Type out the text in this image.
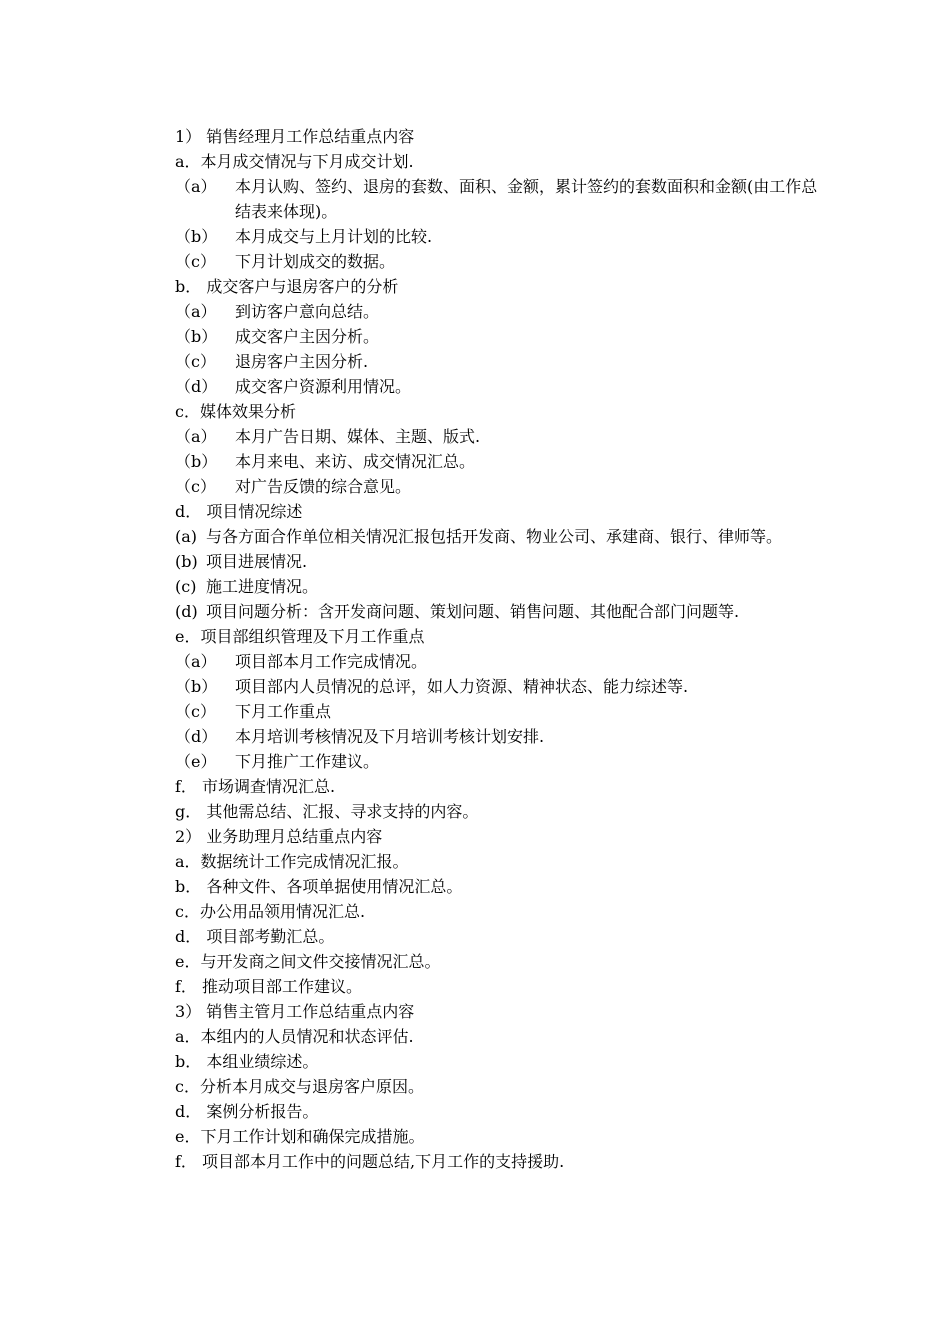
1） 销售经理月工作总结重点内容
a．本月成交情况与下月成交计划.
（a）	本月认购、签约、退房的套数、面积、金额，累计签约的套数面积和金额(由工作总结表来体现)。
（b） 本月成交与上月计划的比较.
（c） 下月计划成交的数据。
b． 成交客户与退房客户的分析
（a） 到访客户意向总结。
（b） 成交客户主因分析。
（c） 退房客户主因分析.
（d） 成交客户资源利用情况。
c．媒体效果分析
（a） 本月广告日期、媒体、主题、版式.
（b） 本月来电、来访、成交情况汇总。
（c） 对广告反馈的综合意见。
d． 项目情况综述
(a) 与各方面合作单位相关情况汇报包括开发商、物业公司、承建商、银行、律师等。
(b) 项目进展情况.
(c) 施工进度情况。
(d) 项目问题分析：含开发商问题、策划问题、销售问题、其他配合部门问题等.
e．项目部组织管理及下月工作重点
（a） 项目部本月工作完成情况。
（b） 项目部内人员情况的总评，如人力资源、精神状态、能力综述等.
（c） 下月工作重点
（d） 本月培训考核情况及下月培训考核计划安排.
（e） 下月推广工作建议。
f． 市场调查情况汇总.
g． 其他需总结、汇报、寻求支持的内容。
2） 业务助理月总结重点内容
a．数据统计工作完成情况汇报。
b． 各种文件、各项单据使用情况汇总。
c．办公用品领用情况汇总.
d． 项目部考勤汇总。
e．与开发商之间文件交接情况汇总。
f． 推动项目部工作建议。
3） 销售主管月工作总结重点内容
a．本组内的人员情况和状态评估.
b． 本组业绩综述。
c．分析本月成交与退房客户原因。
d． 案例分析报告。
e．下月工作计划和确保完成措施。
f． 项目部本月工作中的问题总结,下月工作的支持援助.
